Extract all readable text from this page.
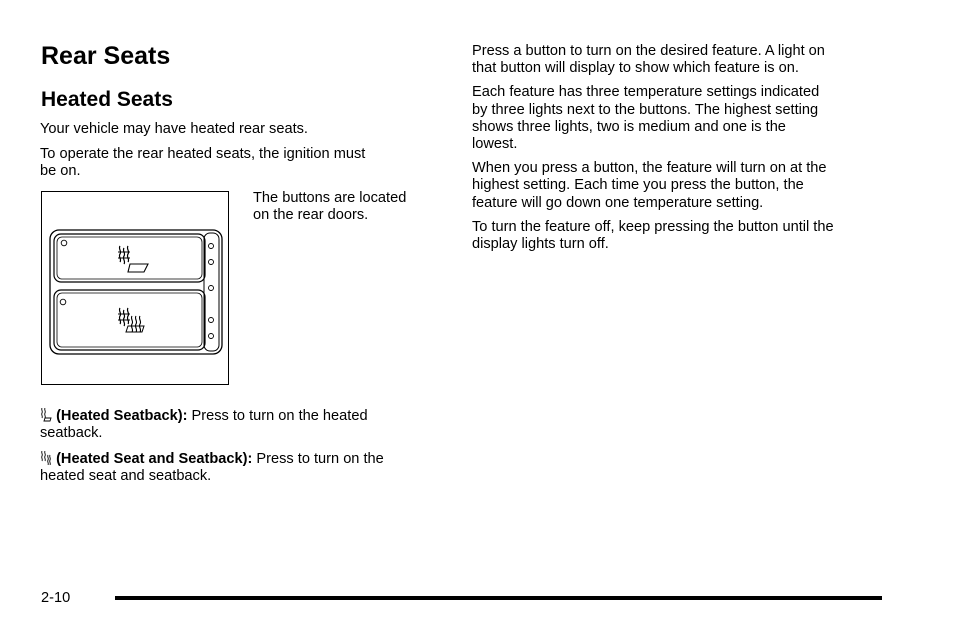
Rear Seats
Heated Seats

Your vehicle may have heated rear seats.

To operate the rear heated seats, the ignition must

be on.

The buttons are located

on the rear doors.

(Heated Seatback): Press to turn on the heated

seatback.

(Heated Seat and Seatback): Press to turn on the

heated seat and seatback.

Press a button to turn on the desired feature. A light on

that button will display to show which feature is on.

Each feature has three temperature settings indicated

by three lights next to the buttons. The highest setting

shows three lights, two is medium and one is the

lowest.

When you press a button, the feature will turn on at the

highest setting. Each time you press the button, the

feature will go down one temperature setting.

To turn the feature off, keep pressing the button until the

display lights turn off.

2-10
